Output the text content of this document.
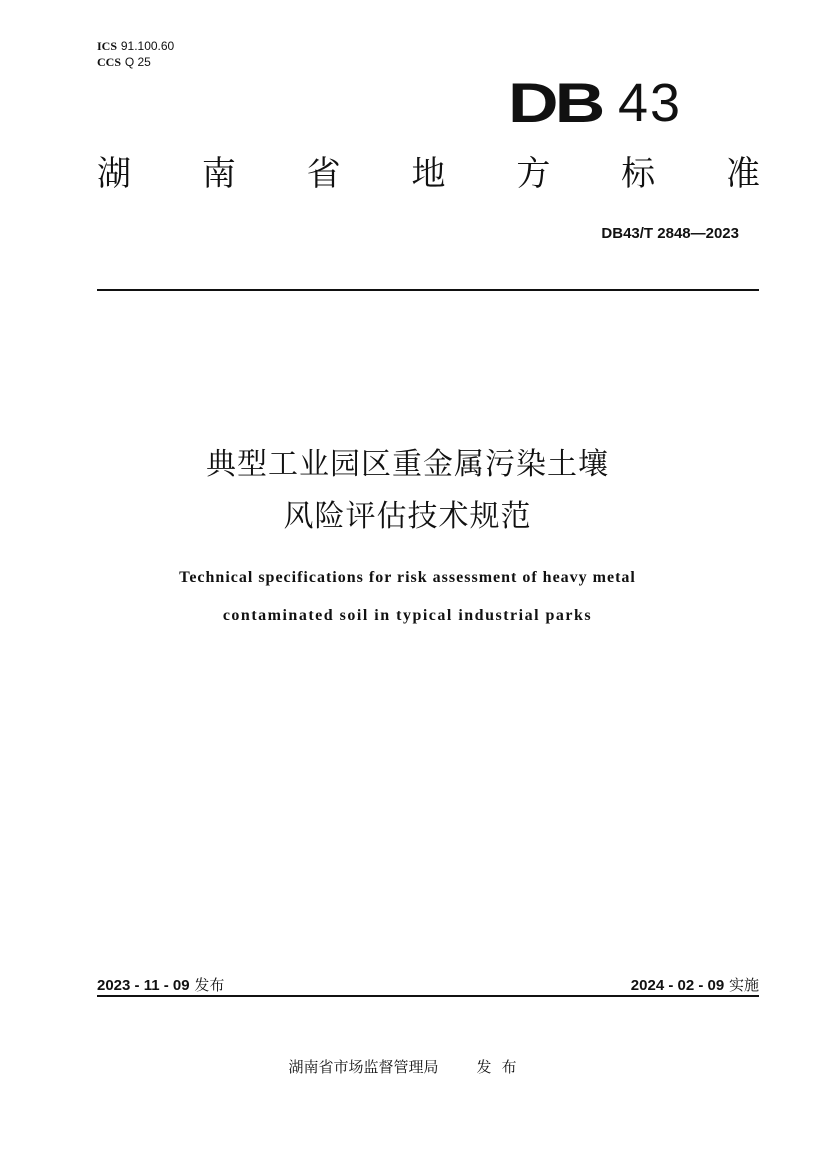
ICS 91.100.60
CCS Q 25
DB 43
湖 南 省 地 方 标 准
DB43/T 2848—2023
典型工业园区重金属污染土壤
风险评估技术规范
Technical specifications for risk assessment of heavy metal
contaminated soil in typical industrial parks
2023 - 11 - 09 发布	2024 - 02 - 09 实施
湖南省市场监督管理局	发布
